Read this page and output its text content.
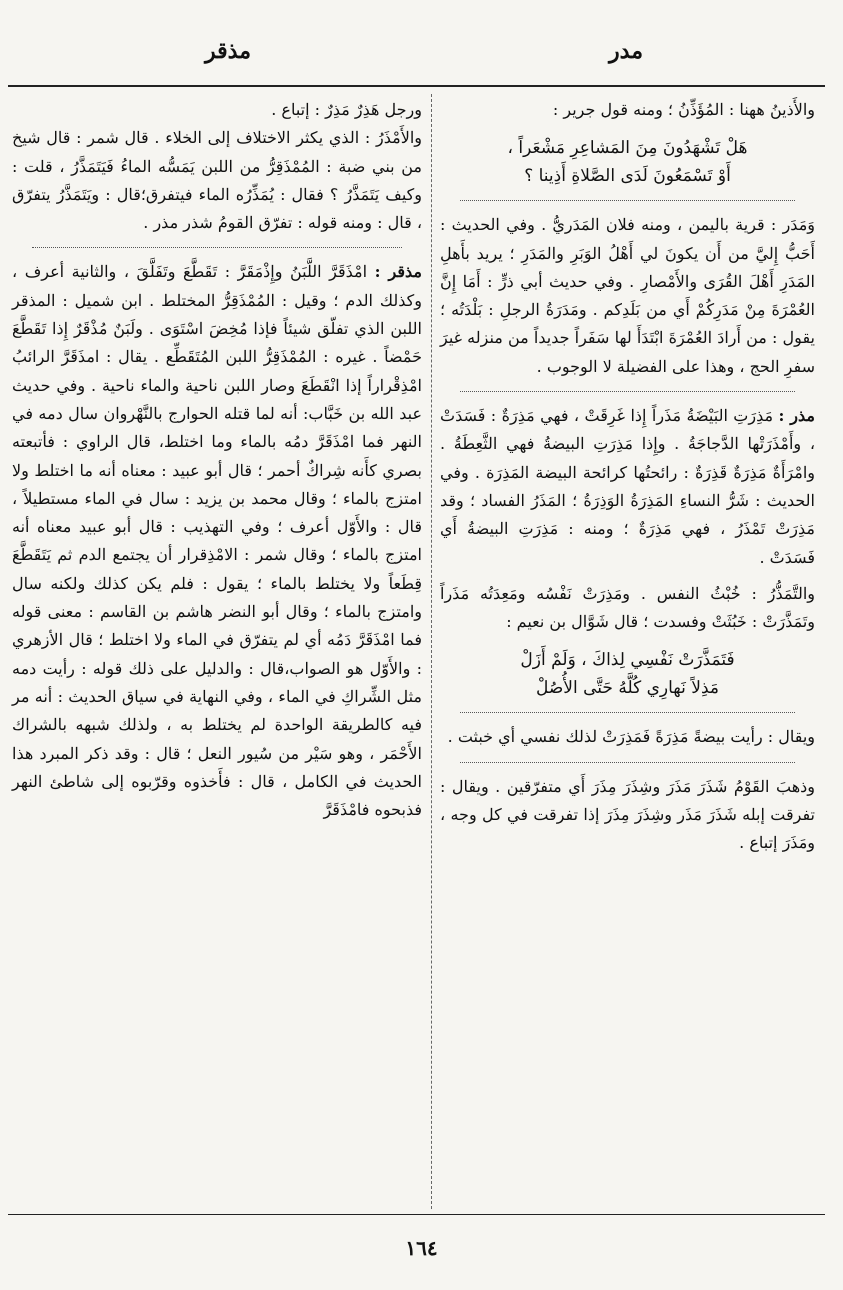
مدر
مذقر

والأَذينُ ههنا : المُؤَذِّنُ ؛ ومنه قول جرير :

هَلْ تَشْهَدُونَ مِنَ المَشاعِرِ مَشْعَراً ،
أَوْ تَسْمَعُونَ لَدَى الصَّلاةِ أَذِينا ؟

وَمَدَر : قرية باليمن ، ومنه فلان المَدَريُّ . وفي الحديث : أَحَبُّ إِليَّ من أَن يكونَ لي أَهْلُ الوَبَرِ والمَدَرِ ؛ يريد بأَهلِ المَدَرِ أَهْلَ القُرَى والأَمْصارِ . وفي حديث أبي ذرٍّ : أَمَا إِنَّ العُمْرَةَ مِنْ مَدَرِكُمْ أَي من بَلَدِكم . ومَدَرَةُ الرجلِ : بَلْدَتُه ؛ يقول : من أَرادَ العُمْرَةَ ابْتَدَأَ لها سَفَراً جديداً من منزله غيرَ سفرِ الحج ، وهذا على الفضيلة لا الوجوب .

مذر : مَذِرَتِ البَيْضَةُ مَذَراً إِذا غَرِقَتْ ، فهي مَذِرَةٌ : فَسَدَتْ ، وأَمْذَرَتْها الدَّجاجَةُ . وإِذا مَذِرَتِ البيضةُ فهي الثَّعِطَةُ . وامْرَأَةٌ مَذِرَةٌ قَذِرَةٌ : رائحتُها كرائحة البيضة المَذِرَة . وفي الحديث : شَرُّ النساءِ المَذِرَةُ الوَذِرَةُ ؛ المَذَرُ الفساد ؛ وقد مَذِرَتْ تَمْذَرُ ، فهي مَذِرَةٌ ؛ ومنه : مَذِرَتِ البيضةُ أَي فَسَدَتْ .

والتَّمَذُّرُ : خُبْثُ النفس . ومَذِرَتْ نَفْسُه ومَعِدَتُه مَذَراً وتَمَذَّرَتْ : خَبُثَتْ وفسدت ؛ قال شَوَّال بن نعيم :

فَتَمَذَّرَتْ نَفْسِي لِذاكَ ، وَلَمْ أَزَلْ
مَذِلاً نَهارِي كُلَّهُ حَتَّى الأُصُلْ

ويقال : رأيت بيضةً مَذِرَةً فَمَذِرَتْ لذلك نفسي أي خبثت .

وذهبَ القَوْمُ شَذَرَ مَذَرَ وشِذَرَ مِذَرَ أَي متفرّقين . ويقال : تفرقت إبله شَذَرَ مَذَر وشِذَرَ مِذَرَ إذا تفرقت في كل وجه ، ومَذَرَ إتباع .

ورجل هَذِرٌ مَذِرٌ : إتباع .

والأَمْذَرُ : الذي يكثر الاختلاف إلى الخلاء . قال شمر : قال شيخ من بني ضبة : المُمْذَقِرُّ من اللبن يَمَسُّه الماءُ فَيَتَمَذَّرُ ، قلت : وكيف يَتَمَذَّرُ ؟ فقال : يُمَذِّرُه الماء فيتفرق؛قال : ويَتَمَذَّرُ يتفرّق ، قال : ومنه قوله : تفرّق القومُ شذر مذر .

مذقر : امْذَقَرَّ اللَّبَنُ وإِذْمَقَرَّ : تَقَطَّعَ وتَفَلَّقَ ، والثانية أعرف ، وكذلك الدم ؛ وقيل : المُمْذَقِرُّ المختلط . ابن شميل : المذقر اللبن الذي تفلّق شيئاً فإذا مُخِضَ اسْتَوَى . ولَبَنٌ مُذْقَرٌ إِذا تَقَطَّعَ حَمْضاً . غيره : المُمْذَقِرُّ اللبن المُتَقَطِّع . يقال : امذَقَرَّ الرائبُ امْذِقْراراً إذا انْقَطَعَ وصار اللبن ناحية والماء ناحية . وفي حديث عبد الله بن خَبَّاب: أنه لما قتله الحوارج بالنَّهْروان سال دمه في النهر فما امْذَقَرَّ دمُه بالماء وما اختلط، قال الراوي : فأتبعته بصري كأَنه شِراكٌ أحمر ؛ قال أبو عبيد : معناه أنه ما اختلط ولا امتزج بالماء ؛ وقال محمد بن يزيد : سال في الماء مستطيلاً ، قال : والأَوّل أعرف ؛ وفي التهذيب : قال أبو عبيد معناه أنه امتزج بالماء ؛ وقال شمر : الامْذِقرار أن يجتمع الدم ثم يَتَقَطَّعَ قِطَعاً ولا يختلط بالماء ؛ يقول : فلم يكن كذلك ولكنه سال وامتزج بالماء ؛ وقال أبو النضر هاشم بن القاسم : معنى قوله فما امْذَقَرَّ دَمُه أي لم يتفرّق في الماء ولا اختلط ؛ قال الأزهري : والأَوّل هو الصواب،قال : والدليل على ذلك قوله : رأيت دمه مثل الشِّراكِ في الماء ، وفي النهاية في سياق الحديث : أنه مر فيه كالطريقة الواحدة لم يختلط به ، ولذلك شبهه بالشراك الأَحْمَر ، وهو سَيْر من سُيور النعل ؛ قال : وقد ذكر المبرد هذا الحديث في الكامل ، قال : فأَخذوه وقرّبوه إلى شاطئ النهر فذبحوه فامْذَقَرَّ

١٦٤
